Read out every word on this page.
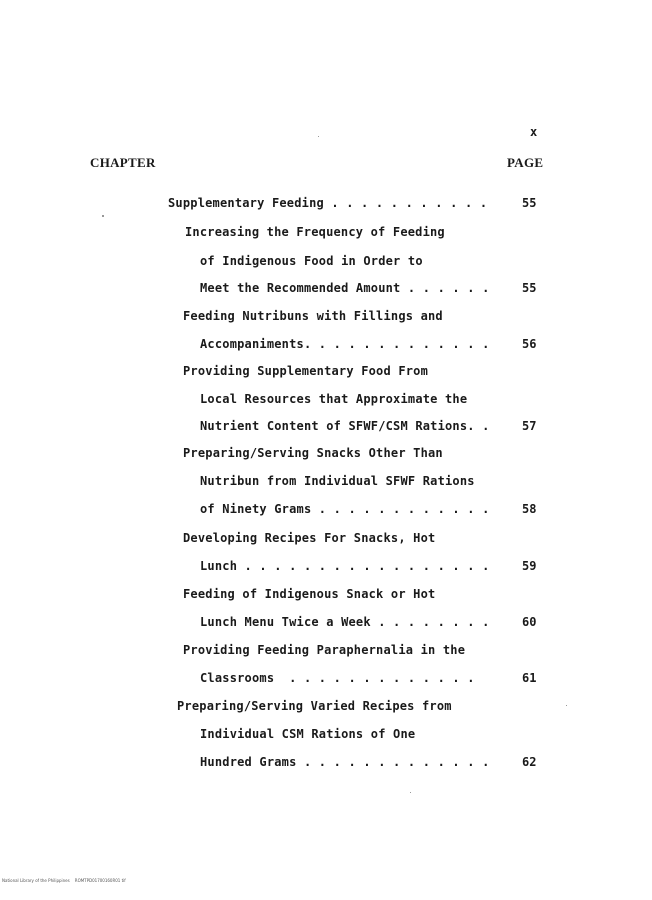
x
CHAPTER	PAGE
Supplementary Feeding . . . . . . . . . . .	55
Increasing the Frequency of Feeding
of Indigenous Food in Order to
Meet the Recommended Amount . . . . . .	55
Feeding Nutribuns with Fillings and
Accompaniments. . . . . . . . . . . . .	56
Providing Supplementary Food From
Local Resources that Approximate the
Nutrient Content of SFWF/CSM Rations. .	57
Preparing/Serving Snacks Other Than
Nutribun from Individual SFWF Rations
of Ninety Grams . . . . . . . . . . . .	58
Developing Recipes For Snacks, Hot
Lunch . . . . . . . . . . . . . . . . .	59
Feeding of Indigenous Snack or Hot
Lunch Menu Twice a Week . . . . . . . .	60
Providing Feeding Paraphernalia in the
Classrooms  . . . . . . . . . . . . .	61
Preparing/Serving Varied Recipes from
Individual CSM Rations of One
Hundred Grams . . . . . . . . . . . . .	62
National Library of the Philippines    ROMTPD01700160R01 tif
